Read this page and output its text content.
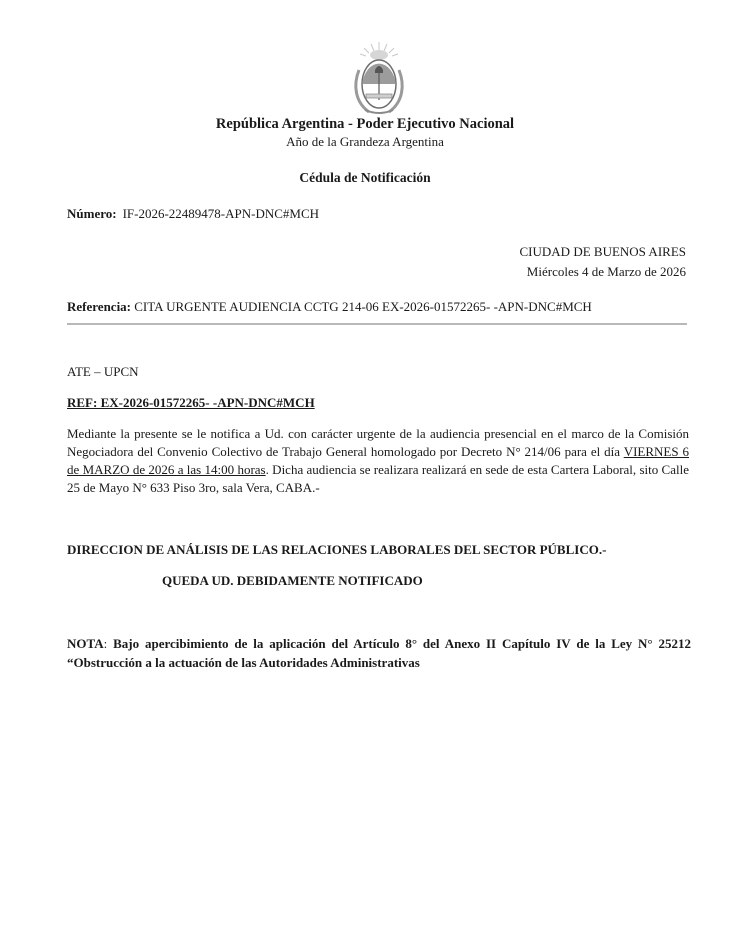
República Argentina - Poder Ejecutivo Nacional
Año de la Grandeza Argentina
Cédula de Notificación
Número: IF-2026-22489478-APN-DNC#MCH
CIUDAD DE BUENOS AIRES
Miércoles 4 de Marzo de 2026
Referencia: CITA URGENTE AUDIENCIA CCTG 214-06 EX-2026-01572265- -APN-DNC#MCH
ATE – UPCN
REF: EX-2026-01572265- -APN-DNC#MCH

Mediante la presente se le notifica a Ud. con carácter urgente de la audiencia presencial en el marco de la Comisión Negociadora del Convenio Colectivo de Trabajo General homologado por Decreto N° 214/06 para el día VIERNES 6 de MARZO de 2026 a las 14:00 horas. Dicha audiencia se realizara realizará en sede de esta Cartera Laboral, sito Calle 25 de Mayo N° 633 Piso 3ro, sala Vera, CABA.-

DIRECCION DE ANÁLISIS DE LAS RELACIONES LABORALES DEL SECTOR PÚBLICO.-
QUEDA UD. DEBIDAMENTE NOTIFICADO

NOTA: Bajo apercibimiento de la aplicación del Artículo 8° del Anexo II Capítulo IV de la Ley N° 25212 “Obstrucción a la actuación de las Autoridades Administrativas
